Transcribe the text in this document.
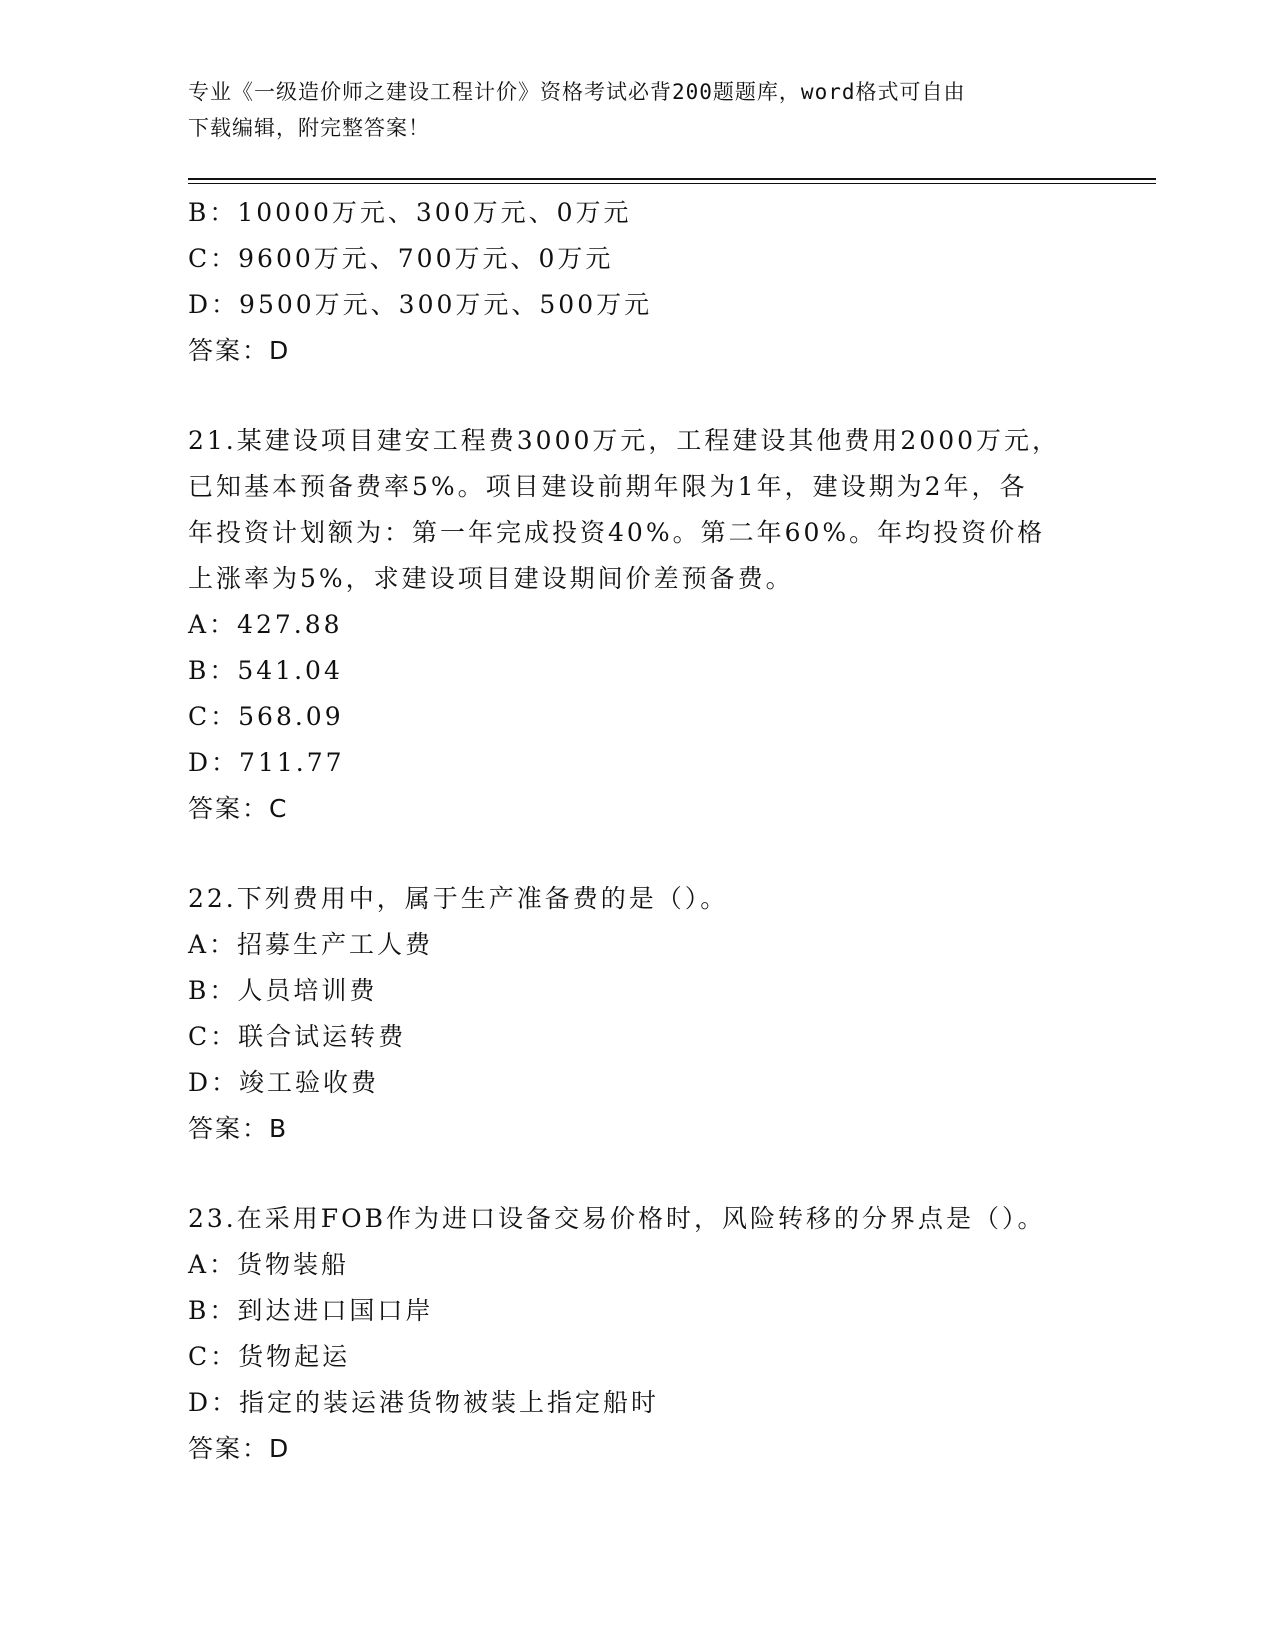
专业《一级造价师之建设工程计价》资格考试必背200题题库，word格式可自由
下载编辑，附完整答案！
B：10000万元、300万元、0万元
C：9600万元、700万元、0万元
D：9500万元、300万元、500万元
答案：D
21.某建设项目建安工程费3000万元，工程建设其他费用2000万元，
已知基本预备费率5%。项目建设前期年限为1年，建设期为2年，各
年投资计划额为：第一年完成投资40%。第二年60%。年均投资价格
上涨率为5%，求建设项目建设期间价差预备费。
A：427.88
B：541.04
C：568.09
D：711.77
答案：C
22.下列费用中，属于生产准备费的是（）。
A：招募生产工人费
B：人员培训费
C：联合试运转费
D：竣工验收费
答案：B
23.在采用FOB作为进口设备交易价格时，风险转移的分界点是（）。
A：货物装船
B：到达进口国口岸
C：货物起运
D：指定的装运港货物被装上指定船时
答案：D
